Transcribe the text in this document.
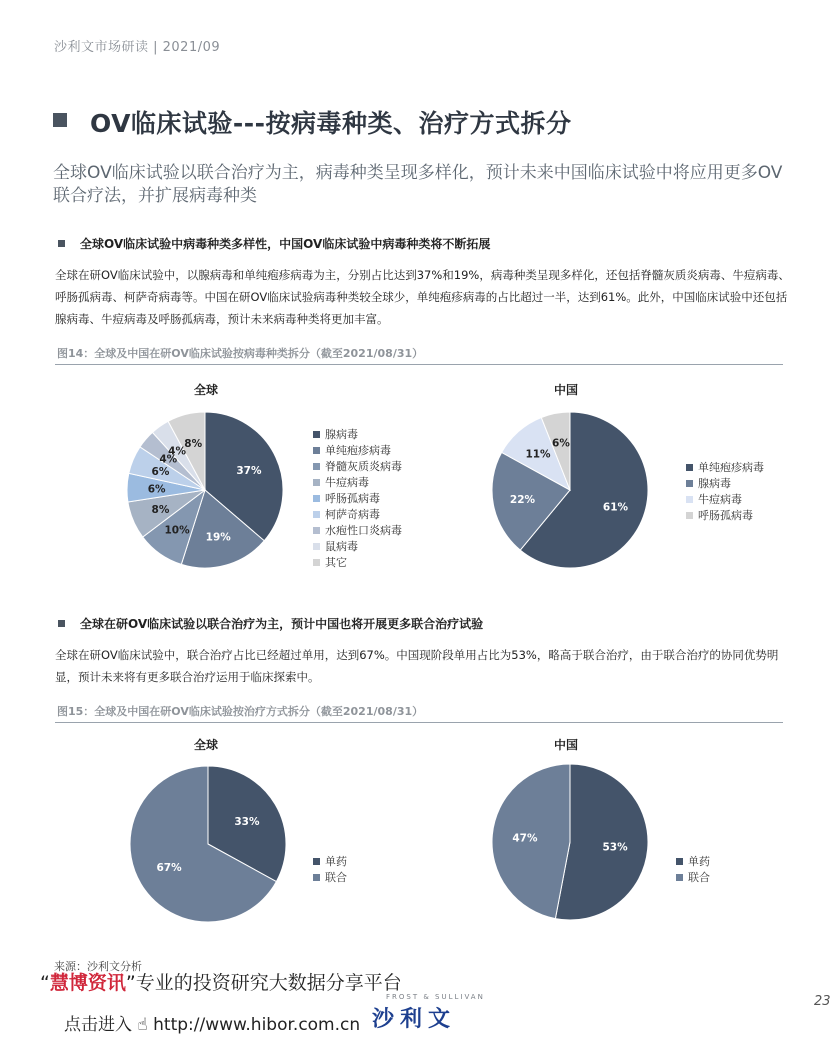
沙利文市场研读 | 2021/09
OV临床试验---按病毒种类、治疗方式拆分
全球OV临床试验以联合治疗为主，病毒种类呈现多样化，预计未来中国临床试验中将应用更多OV联合疗法，并扩展病毒种类
全球OV临床试验中病毒种类多样性，中国OV临床试验中病毒种类将不断拓展
全球在研OV临床试验中，以腺病毒和单纯疱疹病毒为主，分别占比达到37%和19%，病毒种类呈现多样化，还包括脊髓灰质炎病毒、牛痘病毒、呼肠孤病毒、柯萨奇病毒等。中国在研OV临床试验病毒种类较全球少，单纯疱疹病毒的占比超过一半，达到61%。此外，中国临床试验中还包括腺病毒、牛痘病毒及呼肠孤病毒，预计未来病毒种类将更加丰富。
图14：全球及中国在研OV临床试验按病毒种类拆分（截至2021/08/31）
全球
37%
19%
10%
8%
6%
6%
4%
4%
8%
腺病毒
单纯疱疹病毒
脊髓灰质炎病毒
牛痘病毒
呼肠孤病毒
柯萨奇病毒
水疱性口炎病毒
鼠病毒
其它
中国
61%
22%
11%
6%
单纯疱疹病毒
腺病毒
牛痘病毒
呼肠孤病毒
全球在研OV临床试验以联合治疗为主，预计中国也将开展更多联合治疗试验
全球在研OV临床试验中，联合治疗占比已经超过单用，达到67%。中国现阶段单用占比为53%，略高于联合治疗，由于联合治疗的协同优势明显，预计未来将有更多联合治疗运用于临床探索中。
图15：全球及中国在研OV临床试验按治疗方式拆分（截至2021/08/31）
全球
33%
67%
单药
联合
中国
53%
47%
单药
联合
来源：沙利文分析
“慧博资讯”专业的投资研究大数据分享平台
点击进入 ☝ http://www.hibor.com.cn
FROST & SULLIVAN
沙利文
23
